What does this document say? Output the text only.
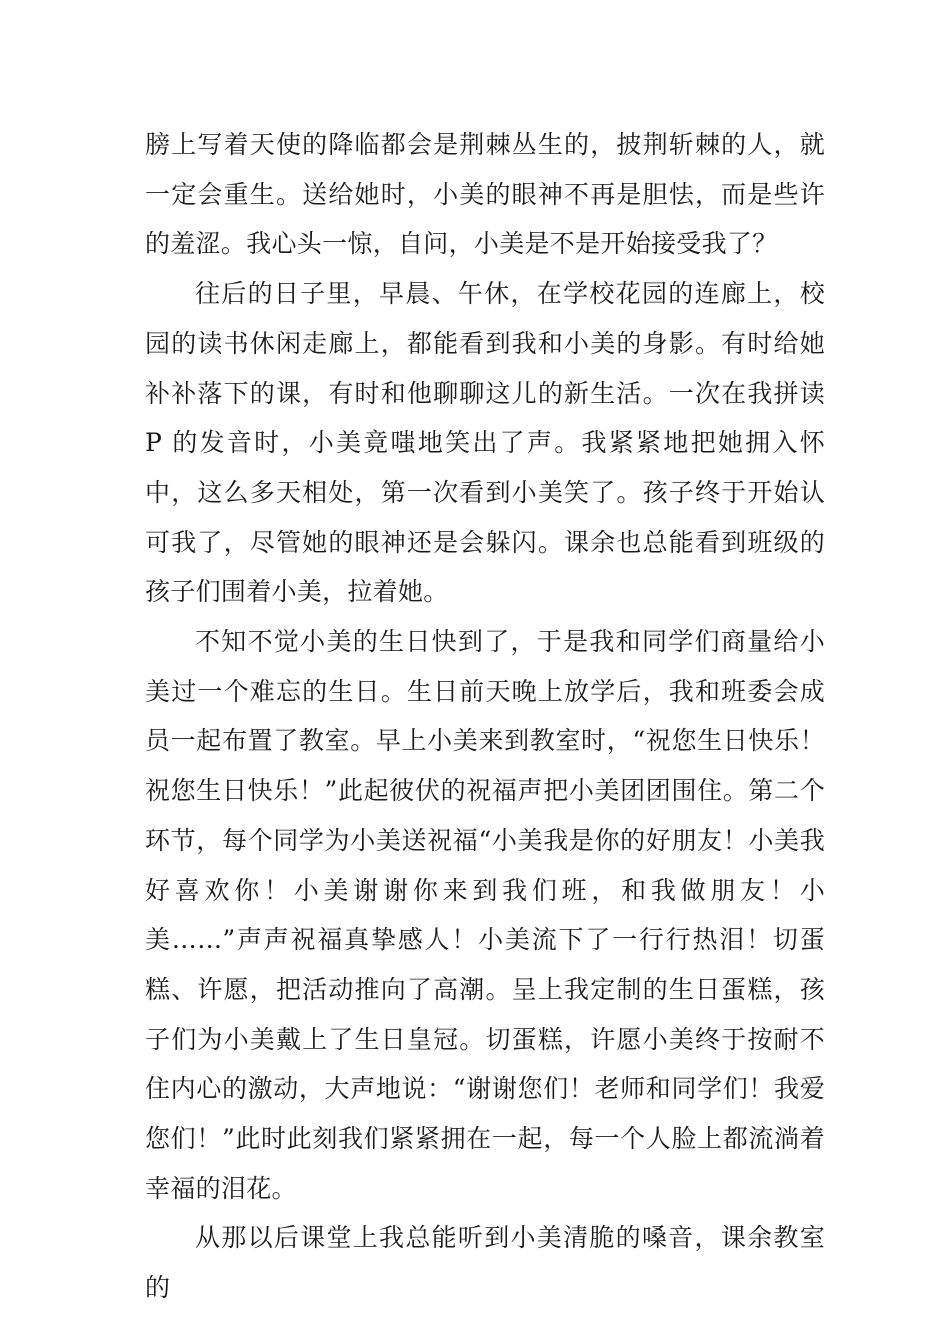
膀上写着天使的降临都会是荆棘丛生的，披荆斩棘的人，就一定会重生。送给她时，小美的眼神不再是胆怯，而是些许的羞涩。我心头一惊，自问，小美是不是开始接受我了？

往后的日子里，早晨、午休，在学校花园的连廊上，校园的读书休闲走廊上，都能看到我和小美的身影。有时给她补补落下的课，有时和他聊聊这儿的新生活。一次在我拼读 P 的发音时，小美竟嗤地笑出了声。我紧紧地把她拥入怀中，这么多天相处，第一次看到小美笑了。孩子终于开始认可我了，尽管她的眼神还是会躲闪。课余也总能看到班级的孩子们围着小美，拉着她。

不知不觉小美的生日快到了，于是我和同学们商量给小美过一个难忘的生日。生日前天晚上放学后，我和班委会成员一起布置了教室。早上小美来到教室时，“祝您生日快乐！祝您生日快乐！”此起彼伏的祝福声把小美团团围住。第二个环节，每个同学为小美送祝福“小美我是你的好朋友！小美我好喜欢你！小美谢谢你来到我们班，和我做朋友！小美……”声声祝福真挚感人！小美流下了一行行热泪！切蛋糕、许愿，把活动推向了高潮。呈上我定制的生日蛋糕，孩子们为小美戴上了生日皇冠。切蛋糕，许愿小美终于按耐不住内心的激动，大声地说：“谢谢您们！老师和同学们！我爱您们！”此时此刻我们紧紧拥在一起，每一个人脸上都流淌着幸福的泪花。

从那以后课堂上我总能听到小美清脆的嗓音，课余教室的
